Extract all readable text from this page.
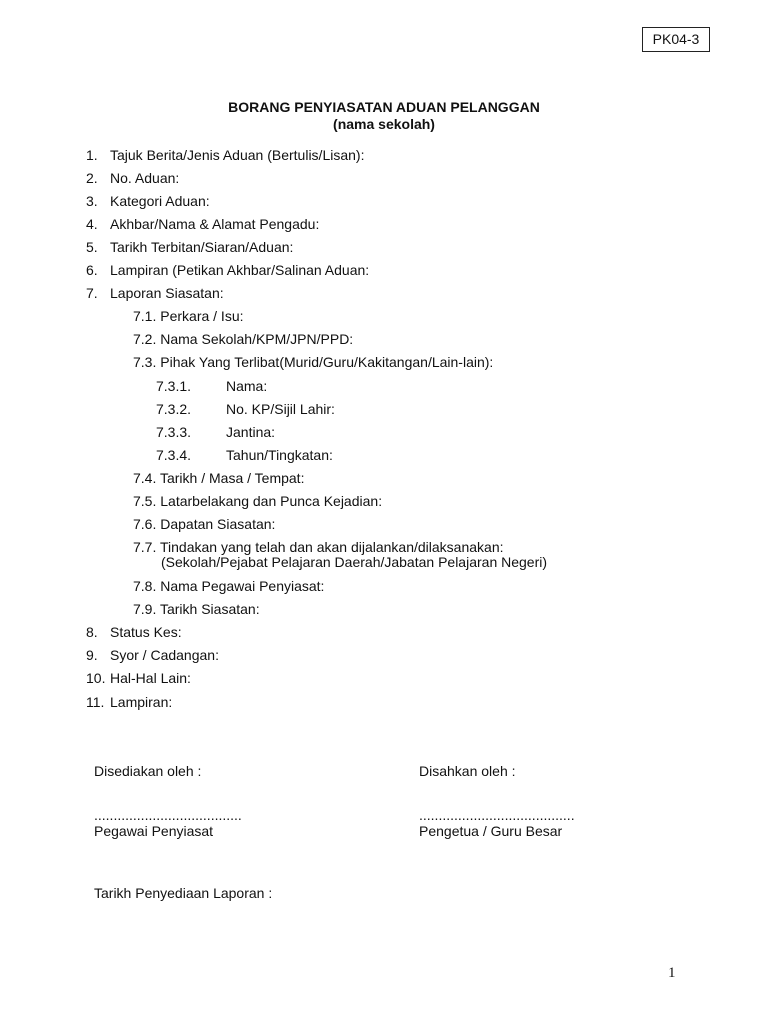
PK04-3
BORANG PENYIASATAN ADUAN PELANGGAN
(nama sekolah)
1. Tajuk Berita/Jenis Aduan (Bertulis/Lisan):
2. No. Aduan:
3. Kategori Aduan:
4. Akhbar/Nama & Alamat Pengadu:
5. Tarikh Terbitan/Siaran/Aduan:
6. Lampiran (Petikan Akhbar/Salinan Aduan:
7. Laporan Siasatan:
7.1. Perkara / Isu:
7.2. Nama Sekolah/KPM/JPN/PPD:
7.3. Pihak Yang Terlibat(Murid/Guru/Kakitangan/Lain-lain):
7.3.1. Nama:
7.3.2. No. KP/Sijil Lahir:
7.3.3. Jantina:
7.3.4. Tahun/Tingkatan:
7.4. Tarikh / Masa / Tempat:
7.5. Latarbelakang dan Punca Kejadian:
7.6. Dapatan Siasatan:
7.7. Tindakan yang telah dan akan dijalankan/dilaksanakan:
(Sekolah/Pejabat Pelajaran Daerah/Jabatan Pelajaran Negeri)
7.8. Nama Pegawai Penyiasat:
7.9. Tarikh Siasatan:
8. Status Kes:
9. Syor / Cadangan:
10. Hal-Hal Lain:
11. Lampiran:
Disediakan oleh :
......................................
Pegawai Penyiasat
Disahkan oleh :
........................................
Pengetua / Guru Besar
Tarikh Penyediaan Laporan :
1
